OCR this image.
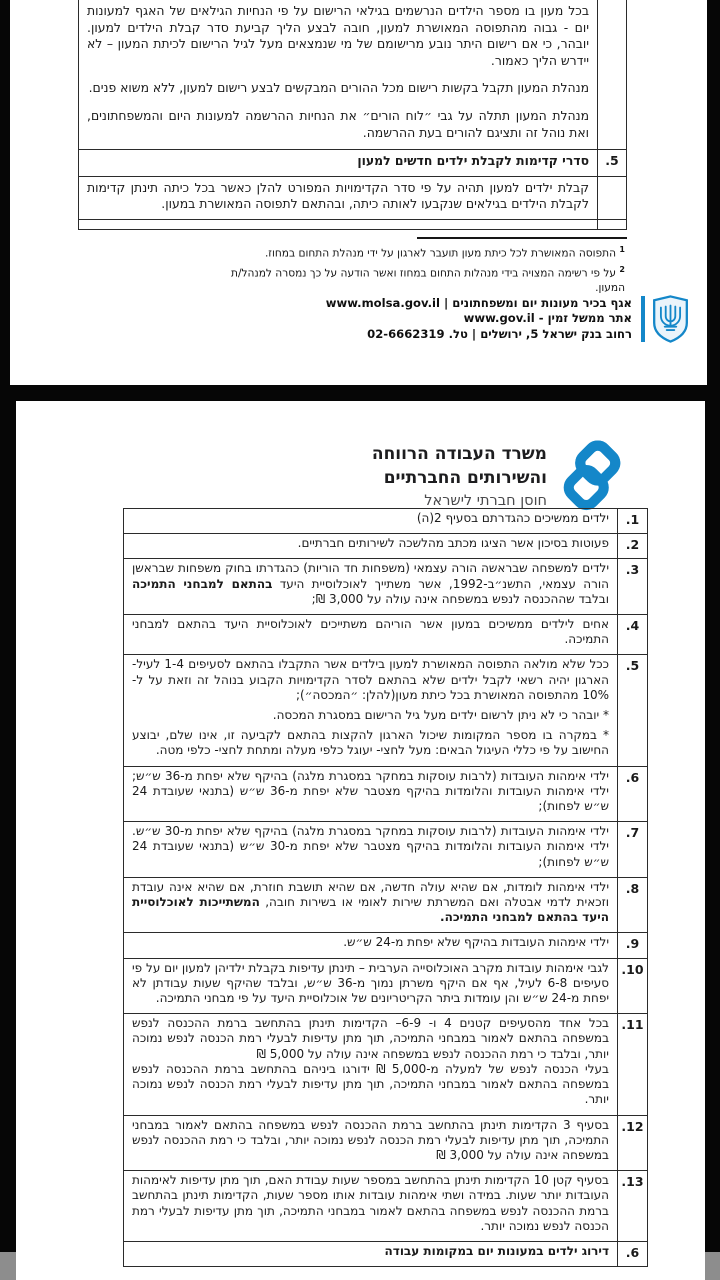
	בכל מעון בו מספר הילדים הנרשמים בגילאי הרישום על פי הנחיות הגילאים של האגף למעונות יום - גבוה מהתפוסה המאושרת למעון, חובה לבצע הליך קביעת סדר קבלת הילדים למעון. יובהר, כי אם רישום היתר נובע מרישומם של מי שנמצאים מעל לגיל הרישום לכיתת המעון – לא יידרש הליך כאמור.

מנהלת המעון תקבל בקשות רישום מכל ההורים המבקשים לבצע רישום למעון, ללא משוא פנים.

מנהלת המעון תתלה על גבי ״לוח הורים״ את הנחיות ההרשמה למעונות היום והמשפחתונים, ואת נוהל זה ותציגם להורים בעת ההרשמה.

5.	סדרי קדימות לקבלת ילדים חדשים למעון
	קבלת ילדים למעון תהיה על פי סדר הקדימויות המפורט להלן כאשר בכל כיתה תינתן קדימות לקבלת הילדים בגילאים שנקבעו לאותה כיתה, ובהתאם לתפוסה המאושרת במעון.

$^1$ התפוסה המאושרת לכל כיתת מעון תועבר לארגון על ידי מנהלת התחום במחוז.
$^2$ על פי רשימה המצויה בידי מנהלות התחום במחוז ואשר הודעה על כך נמסרה למנהל/ת המעון.
אגף בכיר מעונות יום ומשפחתונים | www.molsa.gov.il
אתר ממשל זמין - www.gov.il
רחוב בנק ישראל 5, ירושלים | טל. 02-6662319
משרד העבודה הרווחה
והשירותים החברתיים
חוסן חברתי לישראל
1.	ילדים ממשיכים כהגדרתם בסעיף 2(ה)
2.	פעוטות בסיכון אשר הציגו מכתב מהלשכה לשירותים חברתיים.
3.	ילדים למשפחה שבראשה הורה עצמאי (משפחות חד הוריות) כהגדרתו בחוק משפחות שבראשן הורה עצמאי, התשנ״ב-1992, אשר משתייך לאוכלוסיית היעד בהתאם למבחני התמיכה ובלבד שההכנסה לנפש במשפחה אינה עולה על 3,000 ₪;
4.	אחים לילדים ממשיכים במעון אשר הוריהם משתייכים לאוכלוסיית היעד בהתאם למבחני התמיכה.
5.	ככל שלא מולאה התפוסה המאושרת למעון בילדים אשר התקבלו בהתאם לסעיפים 1-4 לעיל- הארגון יהיה רשאי לקבל ילדים שלא בהתאם לסדר הקדימויות הקבוע בנוהל זה וזאת על ל- 10% מהתפוסה המאושרת בכל כיתת מעון(להלן: ״המכסה״);

* יובהר כי לא ניתן לרשום ילדים מעל גיל הרישום במסגרת המכסה.

* במקרה בו מספר המקומות שיכול הארגון להקצות בהתאם לקביעה זו, אינו שלם, יבוצע החישוב על פי כללי העיגול הבאים: מעל לחצי- יעוגל כלפי מעלה ומתחת לחצי- כלפי מטה.

6.	ילדי אימהות העובדות (לרבות עוסקות במחקר במסגרת מלגה) בהיקף שלא יפחת מ-36 ש״ש; ילדי אימהות העובדות והלומדות בהיקף מצטבר שלא יפחת מ-36 ש״ש (בתנאי שעובדת 24 ש״ש לפחות);
7.	ילדי אימהות העובדות (לרבות עוסקות במחקר במסגרת מלגה) בהיקף שלא יפחת מ-30 ש״ש. ילדי אימהות העובדות והלומדות בהיקף מצטבר שלא יפחת מ-30 ש״ש (בתנאי שעובדת 24 ש״ש לפחות);
8.	ילדי אימהות לומדות, אם שהיא עולה חדשה, אם שהיא תושבת חוזרת, אם שהיא אינה עובדת וזכאית לדמי אבטלה ואם המשרתת שירות לאומי או בשירות חובה, המשתייכות לאוכלוסיית היעד בהתאם למבחני התמיכה.
9.	ילדי אימהות העובדות בהיקף שלא יפחת מ-24 ש״ש.
10.	לגבי אימהות עובדות מקרב האוכלוסייה הערבית – תינתן עדיפות בקבלת ילדיהן למעון יום על פי סעיפים 6-8 לעיל, אף אם היקף משרתן נמוך מ-36 ש״ש, ובלבד שהיקף שעות עבודתן לא יפחת מ-24 ש״ש והן עומדות ביתר הקריטריונים של אוכלוסיית היעד על פי מבחני התמיכה.
11.	בכל אחד מהסעיפים קטנים 4 ו- 6-9– הקדימות תינתן בהתחשב ברמת ההכנסה לנפש במשפחה בהתאם לאמור במבחני התמיכה, תוך מתן עדיפות לבעלי רמת הכנסה לנפש נמוכה יותר, ובלבד כי רמת ההכנסה לנפש במשפחה אינה עולה על 5,000 ₪

בעלי הכנסה לנפש של למעלה מ-5,000 ₪ ידורגו ביניהם בהתחשב ברמת ההכנסה לנפש במשפחה בהתאם לאמור במבחני התמיכה, תוך מתן עדיפות לבעלי רמת הכנסה לנפש נמוכה יותר.

12.	בסעיף 3 הקדימות תינתן בהתחשב ברמת ההכנסה לנפש במשפחה בהתאם לאמור במבחני התמיכה, תוך מתן עדיפות לבעלי רמת הכנסה לנפש נמוכה יותר, ובלבד כי רמת ההכנסה לנפש במשפחה אינה עולה על 3,000 ₪
13.	בסעיף קטן 10 הקדימות תינתן בהתחשב במספר שעות עבודת האם, תוך מתן עדיפות לאימהות העובדות יותר שעות. במידה ושתי אימהות עובדות אותו מספר שעות, הקדימות תינתן בהתחשב ברמת ההכנסה לנפש במשפחה בהתאם לאמור במבחני התמיכה, תוך מתן עדיפות לבעלי רמת הכנסה לנפש נמוכה יותר.
6.	דירוג ילדים במעונות יום במקומות עבודה
